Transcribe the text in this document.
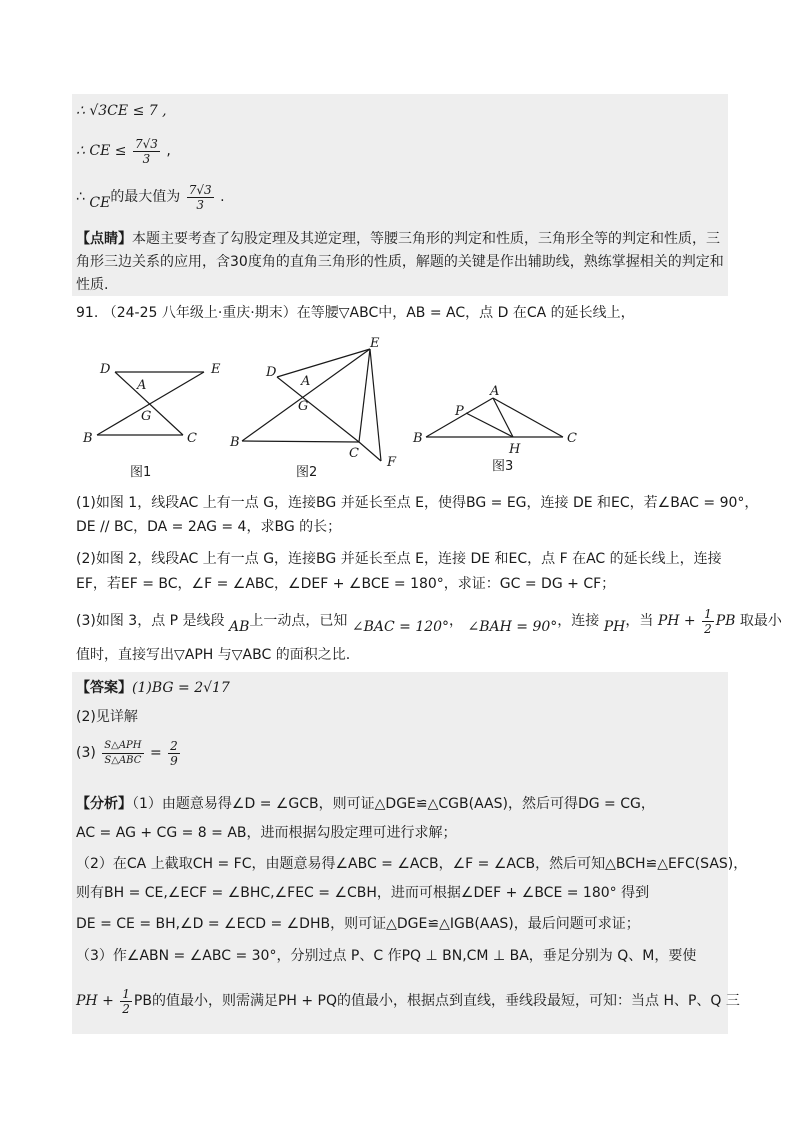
∴ √3CE ≤ 7 ,
∴ CE ≤ $\frac{7√3}{3}$ ,
∴ CE的最大值为 $\frac{7√3}{3}$ .
【点睛】本题主要考查了勾股定理及其逆定理，等腰三角形的判定和性质，三角形全等的判定和性质，三
角形三边关系的应用，含30度角的直角三角形的性质，解题的关键是作出辅助线，熟练掌握相关的判定和
性质.
91. （24-25 八年级上·重庆·期末）在等腰▽ABC中，AB = AC，点 D 在CA 的延长线上，
D	E
A
G
B	C
E
D
A
G
B
C
F
A
P
B
H
C
图1	图2	图3
(1)如图 1，线段AC 上有一点 G，连接BG 并延长至点 E，使得BG = EG，连接 DE 和EC，若∠BAC = 90°，
DE // BC，DA = 2AG = 4，求BG 的长；
(2)如图 2，线段AC 上有一点 G，连接BG 并延长至点 E，连接 DE 和EC，点 F 在AC 的延长线上，连接
EF，若EF = BC，∠F = ∠ABC，∠DEF + ∠BCE = 180°，求证：GC = DG + CF；
(3)如图 3，点 P 是线段 AB上一动点，已知 ∠BAC = 120°， ∠BAH = 90°，连接 PH，当 PH + $\frac{1}{2}$ PB 取最小
值时，直接写出▽APH 与▽ABC 的面积之比.
【答案】(1)BG = 2√17
(2)见详解
$(3) \frac{\text{S△APH}}{\text{S△ABC}} = \frac{2}{9}$
【分析】（1）由题意易得∠D = ∠GCB，则可证△DGE≌△CGB(AAS)，然后可得DG = CG，
AC = AG + CG = 8 = AB，进而根据勾股定理可进行求解；
（2）在CA 上截取CH = FC，由题意易得∠ABC = ∠ACB，∠F = ∠ACB，然后可知△BCH≌△EFC(SAS)，
则有BH = CE,∠ECF = ∠BHC,∠FEC = ∠CBH，进而可根据∠DEF + ∠BCE = 180° 得到
DE = CE = BH,∠D = ∠ECD = ∠DHB，则可证△DGE≌△IGB(AAS)，最后问题可求证；
（3）作∠ABN = ∠ABC = 30°，分别过点 P、C 作PQ ⊥ BN,CM ⊥ BA，垂足分别为 Q、M，要使
PH + $\frac{1}{2}$ PB的值最小，则需满足PH + PQ的值最小，根据点到直线，垂线段最短，可知：当点 H、P、Q 三
